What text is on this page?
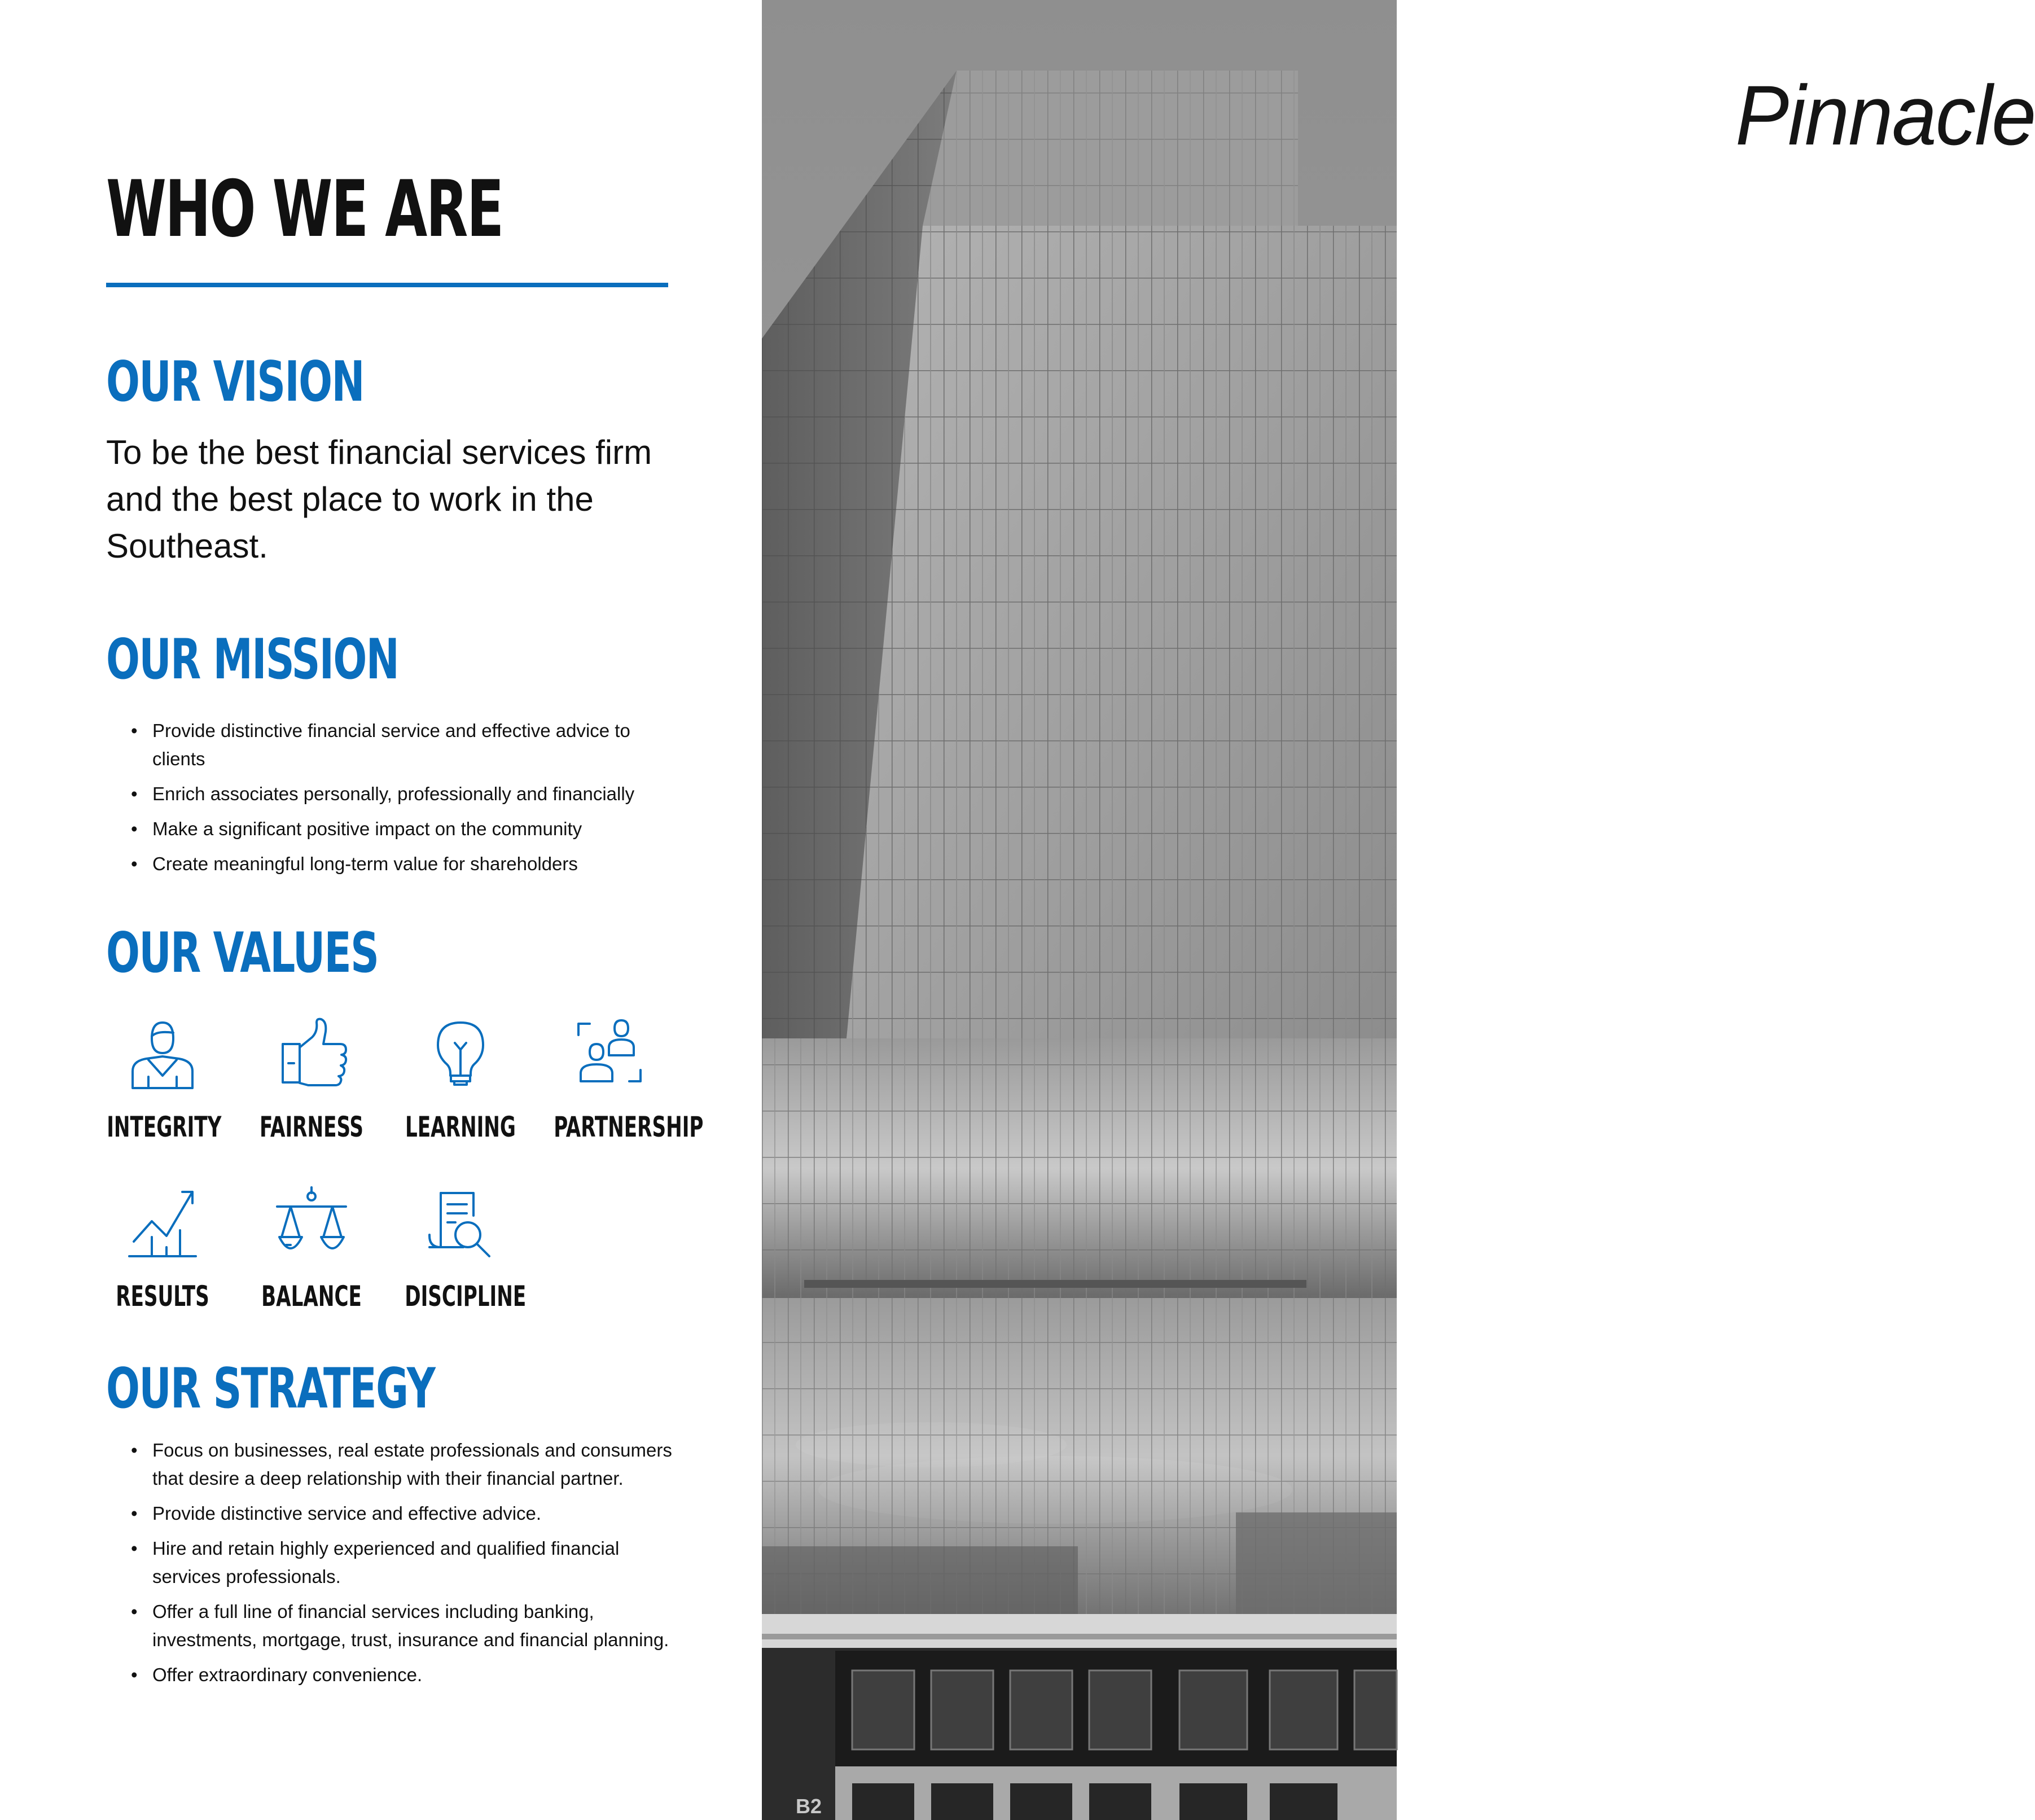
WHO WE ARE
OUR VISION

To be the best financial services firm and the best place to work in the Southeast.

OUR MISSION
• Provide distinctive financial service and effective advice to clients
• Enrich associates personally, professionally and financially
• Make a significant positive impact on the community
• Create meaningful long-term value for shareholders
OUR VALUES
INTEGRITY FAIRNESS LEARNING PARTNERSHIP
RESULTS	BALANCE DISCIPLINE
OUR STRATEGY
• Focus on businesses, real estate professionals and consumers that desire a deep relationship with their financial partner.
• Provide distinctive service and effective advice.
• Hire and retain highly experienced and qualified financial services professionals.
• Offer a full line of financial services including banking, investments, mortgage, trust, insurance and financial planning.
• Offer extraordinary convenience.
Pinnacle
B2
